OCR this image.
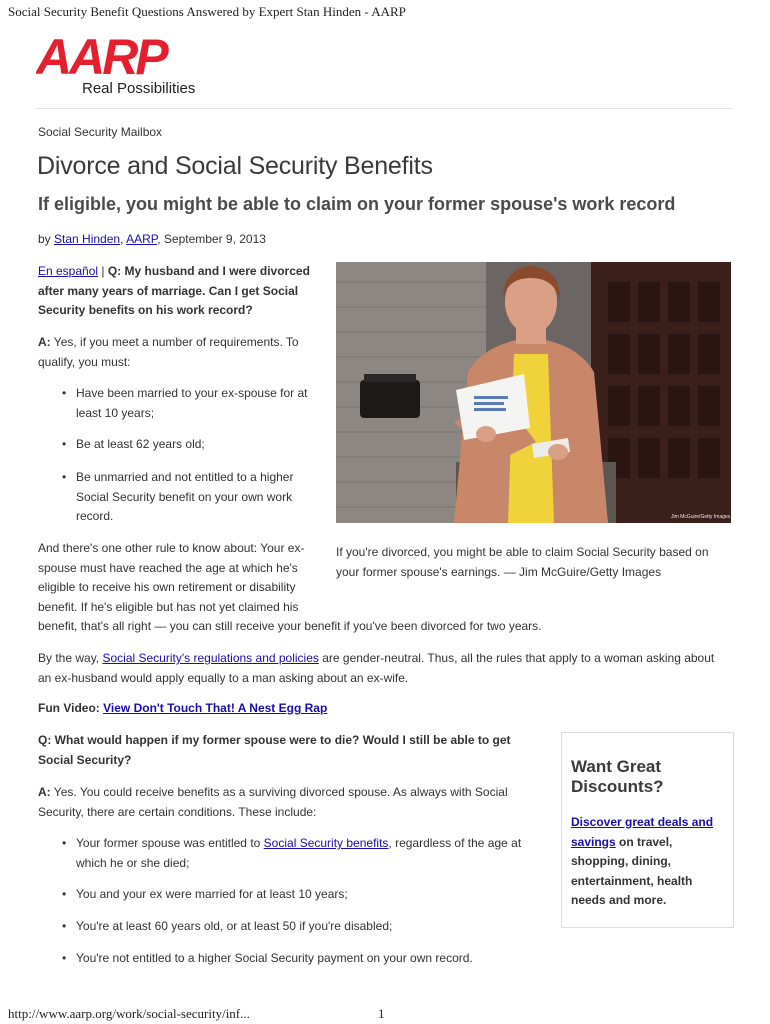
Social Security Benefit Questions Answered by Expert Stan Hinden - AARP
AARP
Real Possibilities
Social Security Mailbox
Divorce and Social Security Benefits
If eligible, you might be able to claim on your former spouse's work record
by Stan Hinden, AARP, September 9, 2013
En español | Q: My husband and I were divorced
after many years of marriage. Can I get Social
Security benefits on his work record?
A: Yes, if you meet a number of requirements. To
qualify, you must:
• Have been married to your ex-spouse for at
least 10 years;
• Be at least 62 years old;
• Be unmarried and not entitled to a higher
Social Security benefit on your own work
record.	Jim McGuire/Getty Images
If you're divorced, you might be able to claim Social Security based on
your former spouse's earnings. — Jim McGuire/Getty Images
And there's one other rule to know about: Your ex-
spouse must have reached the age at which he's
eligible to receive his own retirement or disability
benefit. If he's eligible but has not yet claimed his
benefit, that's all right — you can still receive your benefit if you've been divorced for two years.
By the way, Social Security's regulations and policies are gender-neutral. Thus, all the rules that apply to a woman asking about
an ex-husband would apply equally to a man asking about an ex-wife.
Fun Video: View Don't Touch That! A Nest Egg Rap
Q: What would happen if my former spouse were to die? Would I still be able to get
Social Security?
A: Yes. You could receive benefits as a surviving divorced spouse. As always with Social
Security, there are certain conditions. These include:
• Your former spouse was entitled to Social Security benefits, regardless of the age at
which he or she died;
• You and your ex were married for at least 10 years;
• You're at least 60 years old, or at least 50 if you're disabled;
• You're not entitled to a higher Social Security payment on your own record.
Want Great
Discounts?
Discover great deals and
savings on travel,
shopping, dining,
entertainment, health
needs and more.
http://www.aarp.org/work/social-security/inf...	1
